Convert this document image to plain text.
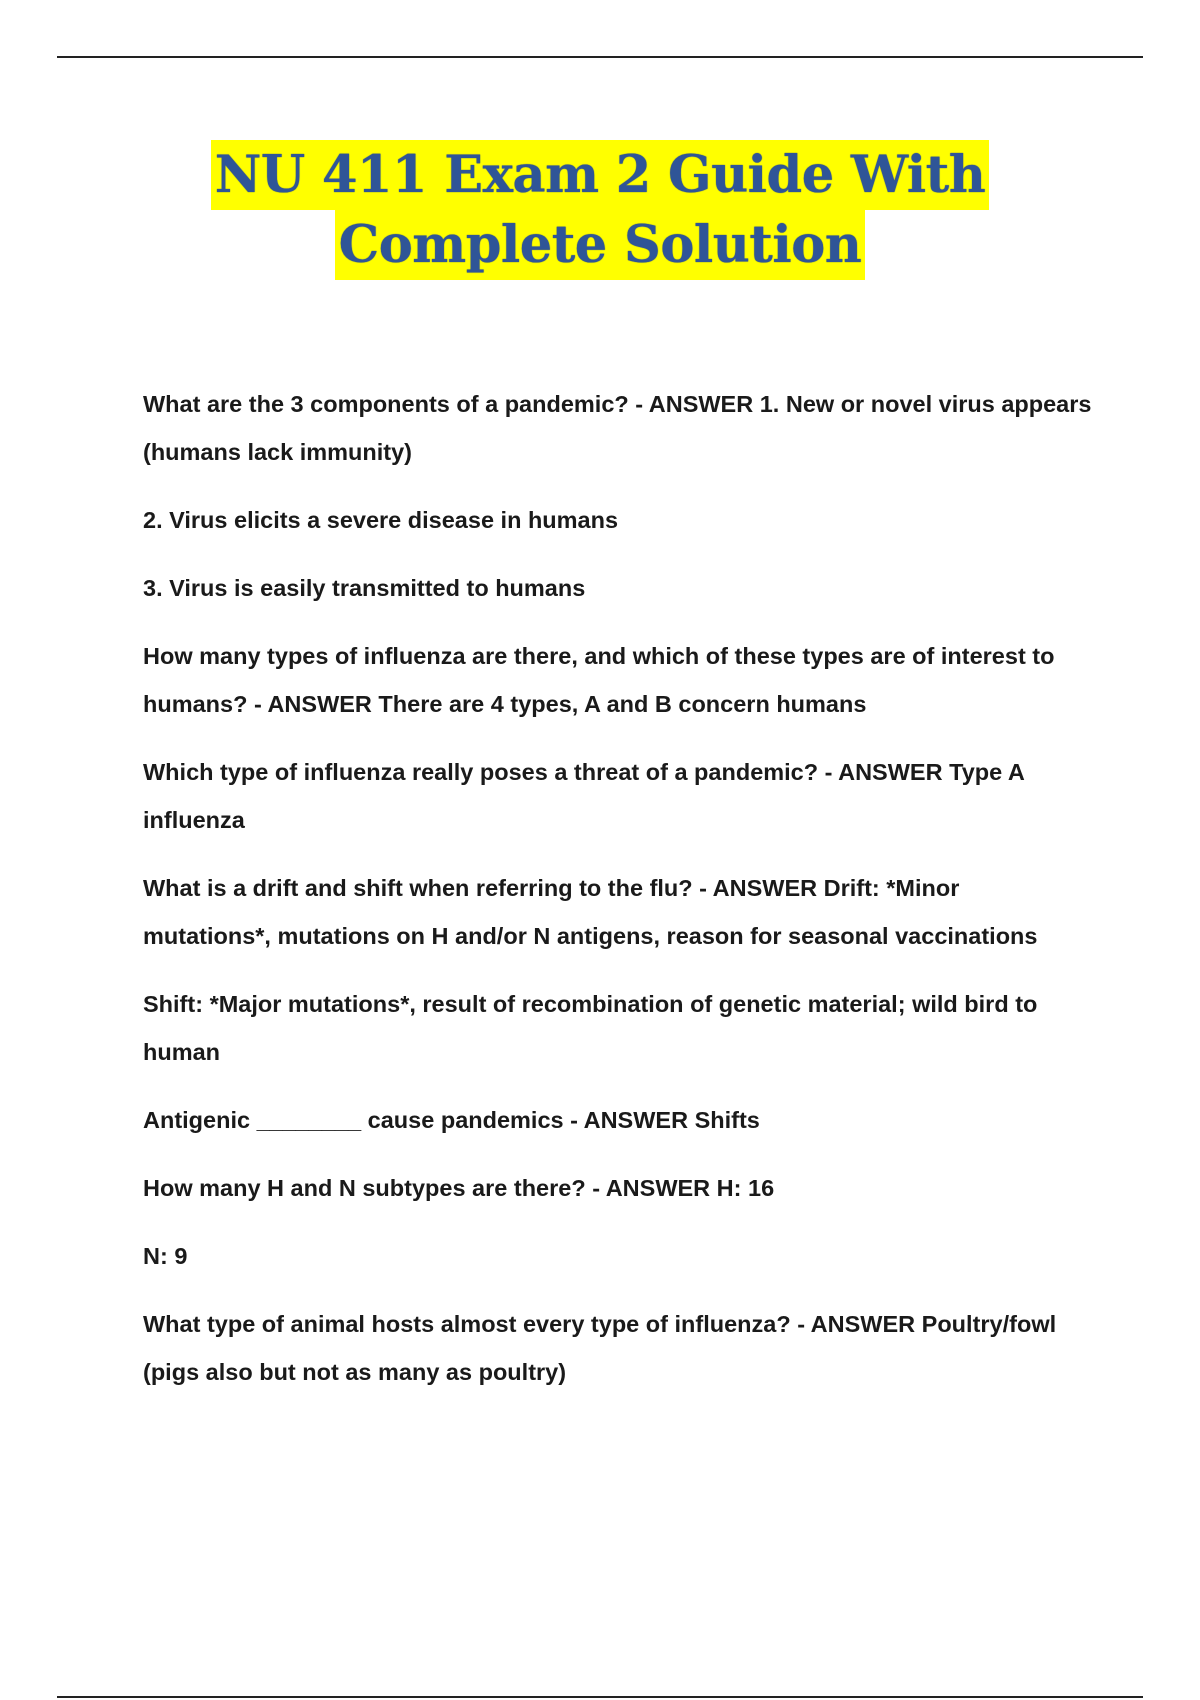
NU 411 Exam 2 Guide With
Complete Solution

What are the 3 components of a pandemic? - ANSWER 1. New or novel virus appears (humans lack immunity)

2. Virus elicits a severe disease in humans

3. Virus is easily transmitted to humans

How many types of influenza are there, and which of these types are of interest to humans? - ANSWER There are 4 types, A and B concern humans

Which type of influenza really poses a threat of a pandemic? - ANSWER Type A influenza

What is a drift and shift when referring to the flu? - ANSWER Drift: *Minor mutations*, mutations on H and/or N antigens, reason for seasonal vaccinations

Shift: *Major mutations*, result of recombination of genetic material; wild bird to human

Antigenic ________ cause pandemics - ANSWER Shifts

How many H and N subtypes are there? - ANSWER H: 16

N: 9

What type of animal hosts almost every type of influenza? - ANSWER Poultry/fowl (pigs also but not as many as poultry)
